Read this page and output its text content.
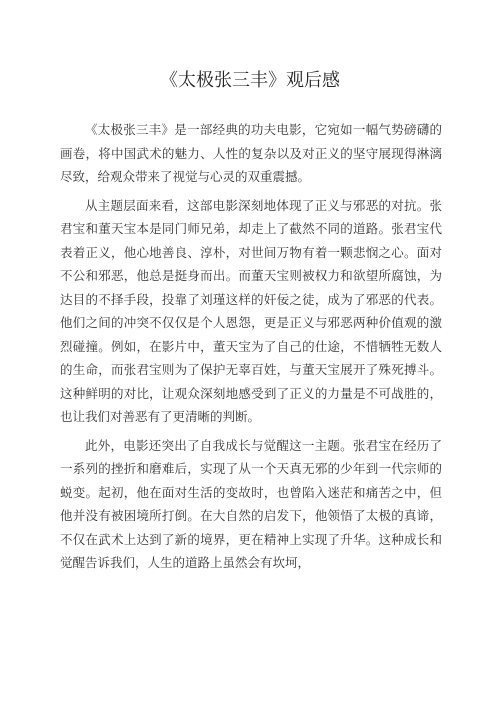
《太极张三丰》观后感

《太极张三丰》是一部经典的功夫电影，它宛如一幅气势磅礴的画卷，将中国武术的魅力、人性的复杂以及对正义的坚守展现得淋漓尽致，给观众带来了视觉与心灵的双重震撼。

从主题层面来看，这部电影深刻地体现了正义与邪恶的对抗。张君宝和董天宝本是同门师兄弟，却走上了截然不同的道路。张君宝代表着正义，他心地善良、淳朴，对世间万物有着一颗悲悯之心。面对不公和邪恶，他总是挺身而出。而董天宝则被权力和欲望所腐蚀，为达目的不择手段，投靠了刘瑾这样的奸佞之徒，成为了邪恶的代表。他们之间的冲突不仅仅是个人恩怨，更是正义与邪恶两种价值观的激烈碰撞。例如，在影片中，董天宝为了自己的仕途，不惜牺牲无数人的生命，而张君宝则为了保护无辜百姓，与董天宝展开了殊死搏斗。这种鲜明的对比，让观众深刻地感受到了正义的力量是不可战胜的，也让我们对善恶有了更清晰的判断。

此外，电影还突出了自我成长与觉醒这一主题。张君宝在经历了一系列的挫折和磨难后，实现了从一个天真无邪的少年到一代宗师的蜕变。起初，他在面对生活的变故时，也曾陷入迷茫和痛苦之中，但他并没有被困境所打倒。在大自然的启发下，他领悟了太极的真谛，不仅在武术上达到了新的境界，更在精神上实现了升华。这种成长和觉醒告诉我们，人生的道路上虽然会有坎坷，
